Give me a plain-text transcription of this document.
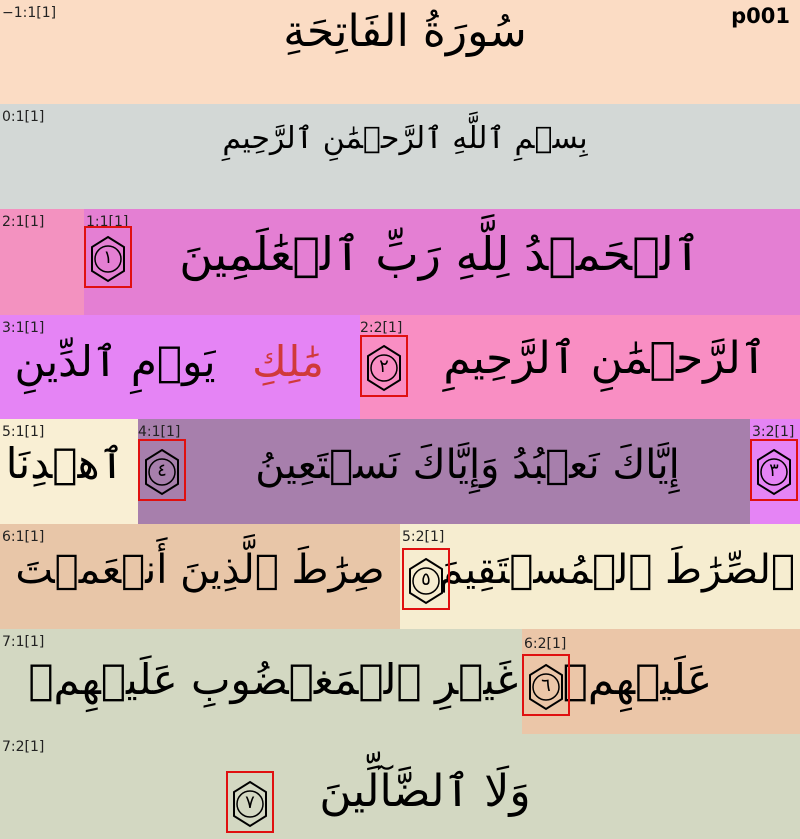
−1:1[1]	سُورَةُ الفَاتِحَةِ	p001
0:1[1]
بِسۡمِ ٱللَّهِ ٱلرَّحۡمَٰنِ ٱلرَّحِيمِ
2:1[1]	1:1[1]
١	ٱلۡحَمۡدُ لِلَّهِ رَبِّ ٱلۡعَٰلَمِينَ
3:1[1]	2:2[1]
ٱلرَّحۡمَٰنِ ٱلرَّحِيمِ
٢
مَٰلِكِ
يَوۡمِ ٱلدِّينِ
5:1[1]	4:1[1]	3:2[1]
ٱهۡدِنَا	٤	إِيَّاكَ نَعۡبُدُ وَإِيَّاكَ نَسۡتَعِينُ	٣
6:1[1]	5:2[1]
ٱلصِّرَٰطَ ٱلۡمُسۡتَقِيمَ
٥
صِرَٰطَ ٱلَّذِينَ أَنۡعَمۡتَ
7:1[1]	6:2[1]
عَلَيۡهِمۡ
٦
غَيۡرِ ٱلۡمَغۡضُوبِ عَلَيۡهِمۡ
7:2[1]
٧	وَلَا ٱلضَّآلِّينَ
